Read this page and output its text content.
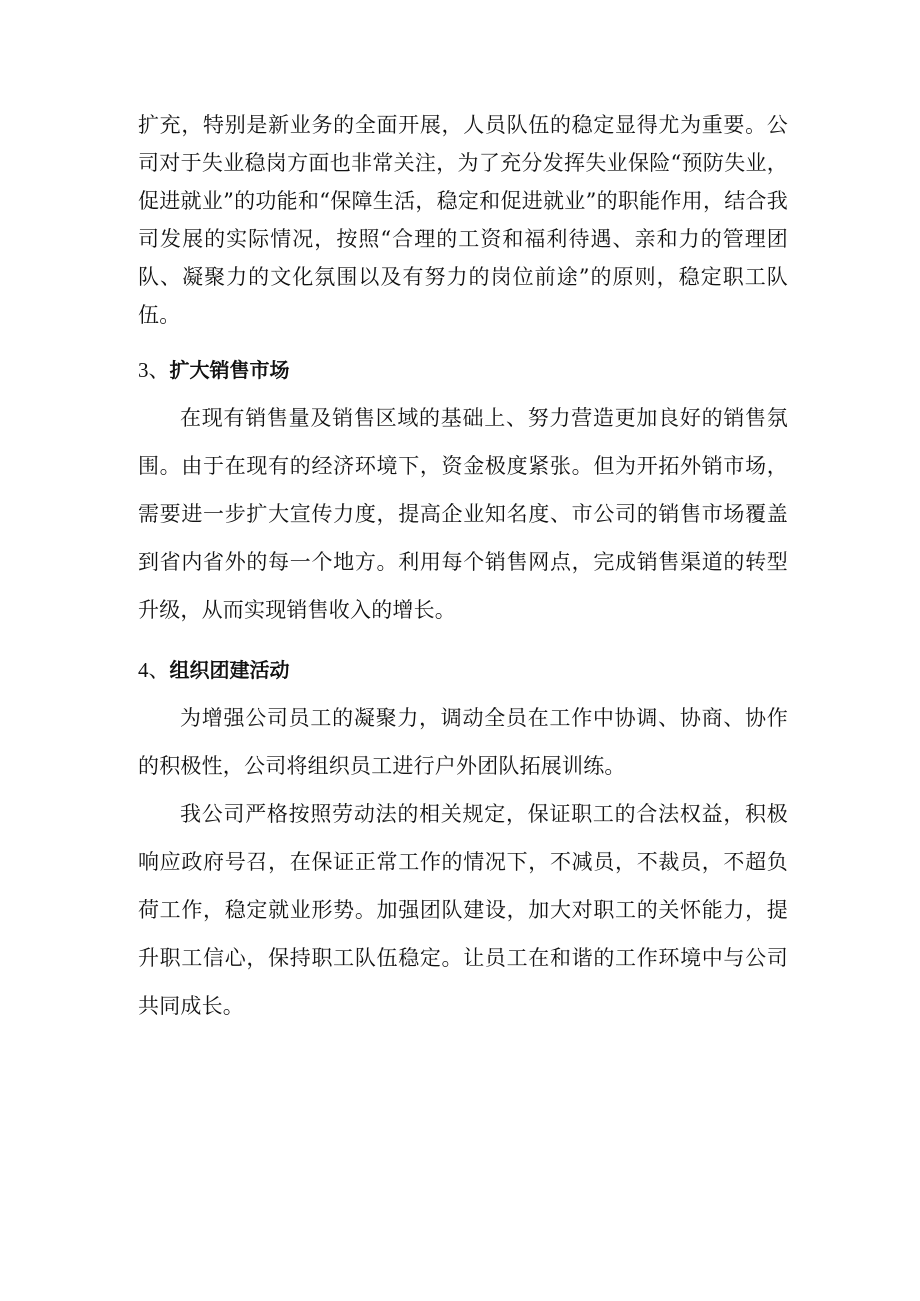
扩充，特别是新业务的全面开展，人员队伍的稳定显得尤为重要。公司对于失业稳岗方面也非常关注，为了充分发挥失业保险“预防失业，促进就业”的功能和“保障生活，稳定和促进就业”的职能作用，结合我司发展的实际情况，按照“合理的工资和福利待遇、亲和力的管理团队、凝聚力的文化氛围以及有努力的岗位前途”的原则，稳定职工队伍。

3、扩大销售市场

在现有销售量及销售区域的基础上、努力营造更加良好的销售氛围。由于在现有的经济环境下，资金极度紧张。但为开拓外销市场，需要进一步扩大宣传力度，提高企业知名度、市公司的销售市场覆盖到省内省外的每一个地方。利用每个销售网点，完成销售渠道的转型升级，从而实现销售收入的增长。

4、组织团建活动

为增强公司员工的凝聚力，调动全员在工作中协调、协商、协作的积极性，公司将组织员工进行户外团队拓展训练。

我公司严格按照劳动法的相关规定，保证职工的合法权益，积极响应政府号召，在保证正常工作的情况下，不减员，不裁员，不超负荷工作，稳定就业形势。加强团队建设，加大对职工的关怀能力，提升职工信心，保持职工队伍稳定。让员工在和谐的工作环境中与公司共同成长。
